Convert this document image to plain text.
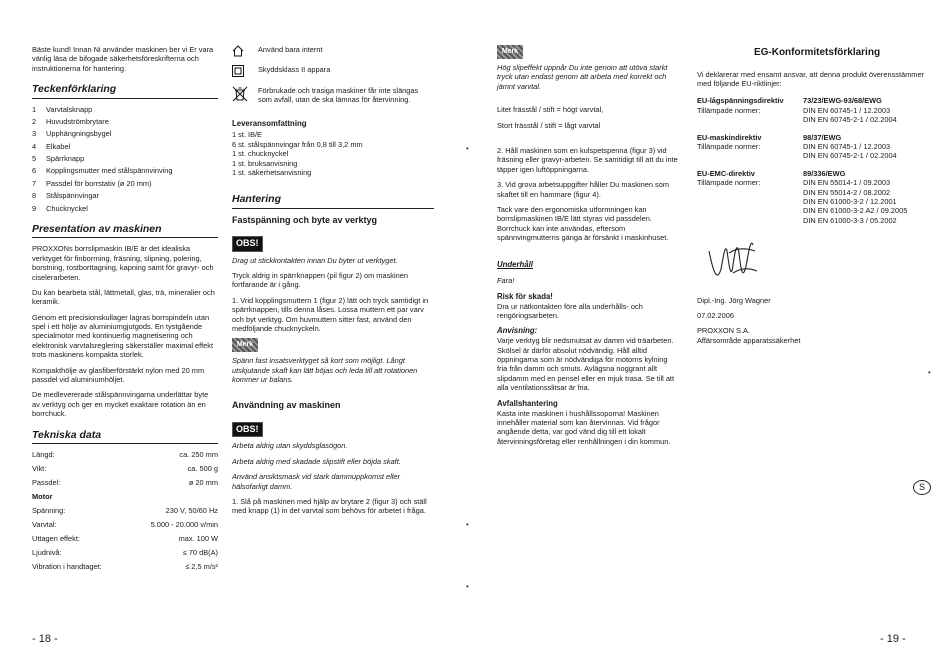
Bäste kund! Innan Ni använder maskinen ber vi Er vara vänlig läsa de bifogade säkerhetsföreskrifterna och instruktionerna för hantering.

Teckenförklaring
1	Varvtalsknapp
2	Huvudströmbrytare
3	Upphängningsbygel
4	Elkabel
5	Spärrknapp
6	Kopplingsmutter med stålspännvinving
7	Passdel för borrstativ (ø 20 mm)
8	Stålspännvingar
9	Chucknyckel
Presentation av maskinen

PROXXONs borrslipmaskin IB/E är det idealiska verktyget för finborrning, fräsning, slipning, polering, borstning, rostborttagning, kapning samt för gravyr- och ciselerarbeten.

Du kan bearbeta stål, lättmetall, glas, trä, mineralier och keramik.

Genom ett precisionskullager lagras borrspindeln utan spel i ett hölje av aluminiumgjutgods. En tystgående specialmotor med kontinuerlig magnetisering och elektronisk varvtalsreglering säkerställer maximal effekt trots maskinens kompakta storlek.

Kompakthölje av glasfiberförstärkt nylon med 20 mm passdel vid aluminiumhöljet.

De medlevererade stålspännvingarna underlättar byte av verktyg och ger en mycket exaktare rotation än en borrchuck.

Tekniska data
Längd:	ca. 250 mm
Vikt:	ca. 500 g
Passdel:	ø 20 mm
Motor
Spänning:	230 V, 50/60 Hz
Varvtal:	5.000 - 20.000 v/min
Uttagen effekt:	max. 100 W
Ljudnivå:	≤ 70 dB(A)
Vibration i handtaget:	≤ 2,5 m/s²
Använd bara internt
Skyddsklass II appara
Förbrukade och trasiga maskiner får inte slängas som avfall, utan de ska lämnas för återvinning.
Leveransomfattning

1 st. IB/E

6 st. stålspännvingar från 0,8 till 3,2 mm

1 st. chucknyckel

1 st. bruksanvisning

1 st. säkerhetsanvisning

Hantering
Fastspänning och byte av verktyg
OBS!

Drag ut stickkontakten innan Du byter ut verktyget.

Tryck aldrig in spärrknappen (pil figur 2) om maskinen fortfarande är i gång.

1. Vrid kopplingsmuttern 1 (figur 2) lätt och tryck samtidigt in spärrknappen, tills denna låses. Lossa muttern ett par varv och byt verktyg. Om huvmuttern sitter fast, använd den medföljande chucknyckeln.

Merk

Spänn fast insatsverktyget så kort som möjligt. Långt utskjutande skaft kan lätt böjas och leda till att rotationen kommer ur balans.

Användning av maskinen
OBS!

Arbeta aldrig utan skyddsglasögon.

Arbeta aldrig med skadade slipstift eller böjda skaft.

Använd ansiktsmask vid stark dammuppkomst eller hälsofarligt damm.

1. Slå på maskinen med hjälp av brytare 2 (figur 3) och ställ med knapp (1) in det varvtal som behövs för arbetet i fråga.

Merk

Hög slipeffekt uppnår Du inte genom att utöva starkt tryck utan endast genom att arbeta med korrekt och jämnt varvtal.

Litet frässtål / stift = högt varvtal,

Stort frässtål / stift = lågt varvtal

2. Håll maskinen som en kulspetspenna (figur 3) vid fräsning eller gravyr-arbeten. Se samtidigt till att du inte täpper igen luftöppningarna.

3. Vid grova arbetsuppgifter håller Du maskinen som skaftet till en hammare (figur 4).

Tack vare den ergonomiska utformningen kan borrslipmaskinen IB/E lätt styras vid passdelen. Borrchuck kan inte användas, eftersom spännvingmutterns gänga är försänkt i maskinhuset.

Underhåll

Fara!

Risk för skada!

Dra ur nätkontakten före alla underhålls- och rengöringsarbeten.

Anvisning:

Varje verktyg blir nedsmutsat av damm vid träarbeten. Skölsel är därför absolut nödvändig. Håll alltid öppningarna som är nödvändiga för motorns kylning fria från damm och smuts. Avlägsna noggrant allt slipdamm med en pensel eller en mjuk trasa. Se till att alla ventilationsslitsar är fria.

Avfallshantering

Kasta inte maskinen i hushållssoporna! Maskinen innehåller material som kan återvinnas. Vid frågor angående detta, var god vänd dig till ett lokalt återvinningsföretag eller renhållningen i din kommun.

EG-Konformitetsförklaring

Vi deklarerar med ensamt ansvar, att denna produkt överensstämmer med följande EU-riktlinjer:

EU-lågspänningsdirektiv	73/23/EWG-93/68/EWG
Tillämpade normer:	DIN EN 60745-1 / 12.2003
DIN EN 60745-2-1 / 02.2004
EU-maskindirektiv	98/37/EWG
Tillämpade normer:	DIN EN 60745-1 / 12.2003
DIN EN 60745-2-1 / 02.2004
EU-EMC-direktiv	89/336/EWG
Tillämpade normer:	DIN EN 55014-1 / 09.2003
DIN EN 55014-2 / 08.2002
DIN EN 61000-3-2 / 12.2001
DIN EN 61000-3-2 A2 / 09.2005
DIN EN 61000-3-3 / 05.2002

Dipl.-Ing. Jörg Wagner

07.02.2006

PROXXON S.A.

Affärsområde apparatssäkerhet

S
•
•
•
•
- 18 -	- 19 -
